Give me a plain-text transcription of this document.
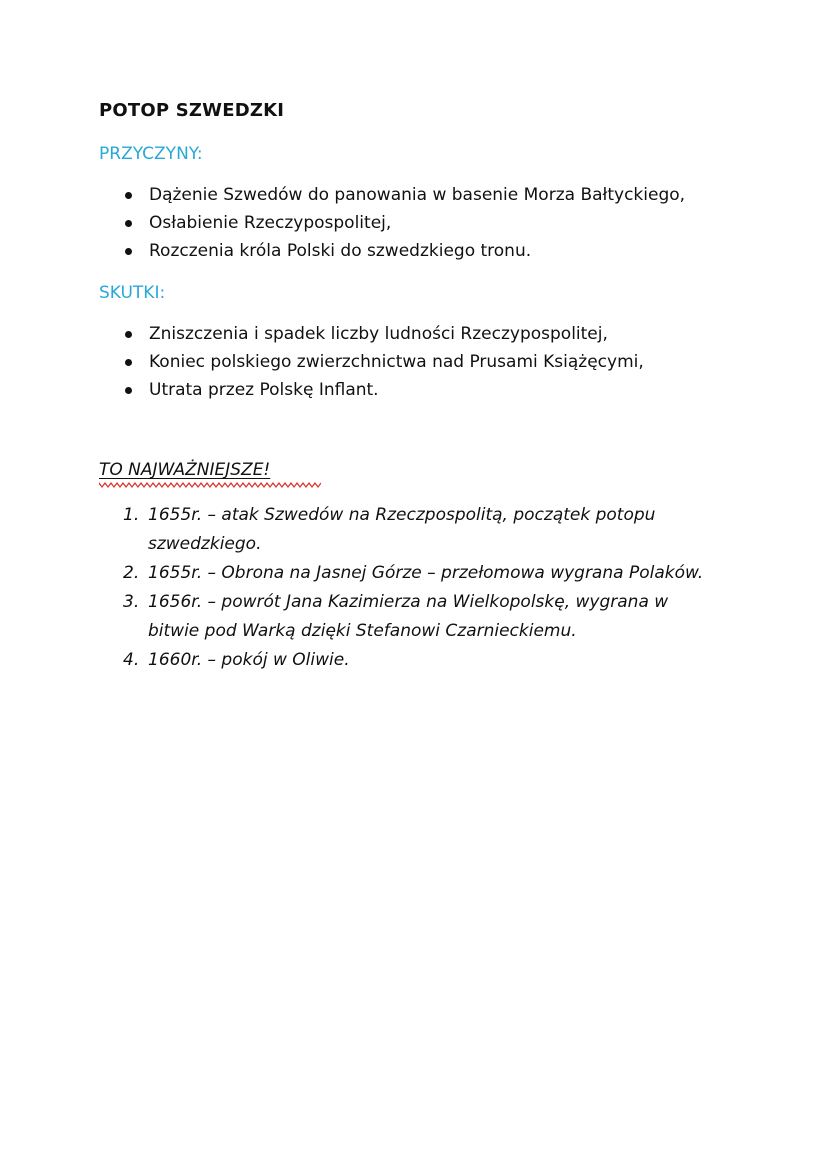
POTOP SZWEDZKI
PRZYCZYNY:
Dążenie Szwedów do panowania w basenie Morza Bałtyckiego,
Osłabienie Rzeczypospolitej,
Rozczenia króla Polski do szwedzkiego tronu.
SKUTKI:
Zniszczenia i spadek liczby ludności Rzeczypospolitej,
Koniec polskiego zwierzchnictwa nad Prusami Książęcymi,
Utrata przez Polskę Inflant.
TO NAJWAŻNIEJSZE!
1. 1655r. – atak Szwedów na Rzeczpospolitą, początek potopu szwedzkiego.
2. 1655r. – Obrona na Jasnej Górze – przełomowa wygrana Polaków.
3. 1656r. – powrót Jana Kazimierza na Wielkopolskę, wygrana w bitwie pod Warką dzięki Stefanowi Czarnieckiemu.
4. 1660r. – pokój w Oliwie.
